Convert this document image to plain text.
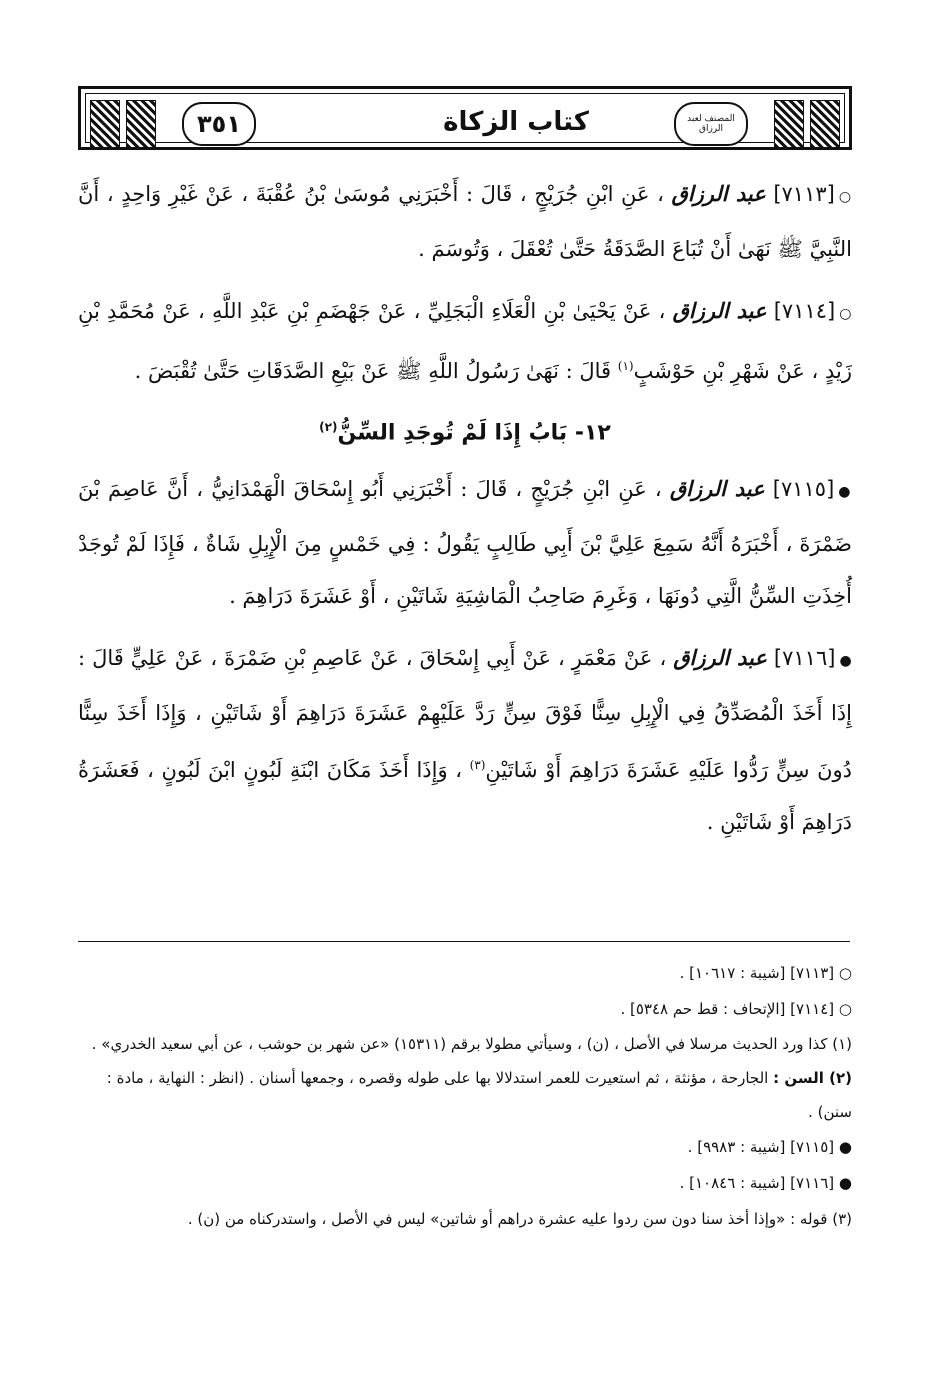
٣٥١	كتاب الزكاة	المصنف لعبد الرزاق

○[٧١١٣] عبد الرزاق ، عَنِ ابْنِ جُرَيْجٍ ، قَالَ : أَخْبَرَنِي مُوسَىٰ بْنُ عُقْبَةَ ، عَنْ غَيْرِ وَاحِدٍ ، أَنَّ النَّبِيَّ ﷺ نَهَىٰ أَنْ تُبَاعَ الصَّدَقَةُ حَتَّىٰ تُعْقَلَ ، وَتُوسَمَ .

○[٧١١٤] عبد الرزاق ، عَنْ يَحْيَىٰ بْنِ الْعَلَاءِ الْبَجَلِيِّ ، عَنْ جَهْضَمِ بْنِ عَبْدِ اللَّهِ ، عَنْ مُحَمَّدِ بْنِ زَيْدٍ ، عَنْ شَهْرِ بْنِ حَوْشَبٍ$^{(١)}$ قَالَ : نَهَىٰ رَسُولُ اللَّهِ ﷺ عَنْ بَيْعِ الصَّدَقَاتِ حَتَّىٰ تُقْبَضَ .

١٢- بَابُ إِذَا لَمْ تُوجَدِ السِّنُّ$^{(٢)}$

●[٧١١٥] عبد الرزاق ، عَنِ ابْنِ جُرَيْجٍ ، قَالَ : أَخْبَرَنِي أَبُو إِسْحَاقَ الْهَمْدَانِيُّ ، أَنَّ عَاصِمَ بْنَ ضَمْرَةَ ، أَخْبَرَهُ أَنَّهُ سَمِعَ عَلِيَّ بْنَ أَبِي طَالِبٍ يَقُولُ : فِي خَمْسٍ مِنَ الْإِبِلِ شَاةٌ ، فَإِذَا لَمْ تُوجَدْ أُخِذَتِ السِّنُّ الَّتِي دُونَهَا ، وَغَرِمَ صَاحِبُ الْمَاشِيَةِ شَاتَيْنِ ، أَوْ عَشَرَةَ دَرَاهِمَ .

●[٧١١٦] عبد الرزاق ، عَنْ مَعْمَرٍ ، عَنْ أَبِي إِسْحَاقَ ، عَنْ عَاصِمِ بْنِ ضَمْرَةَ ، عَنْ عَلِيٍّ قَالَ : إِذَا أَخَذَ الْمُصَدِّقُ فِي الْإِبِلِ سِنًّا فَوْقَ سِنٍّ رَدَّ عَلَيْهِمْ عَشَرَةَ دَرَاهِمَ أَوْ شَاتَيْنِ ، وَإِذَا أَخَذَ سِنًّا دُونَ سِنٍّ رَدُّوا عَلَيْهِ عَشَرَةَ دَرَاهِمَ أَوْ شَاتَيْنِ$^{(٣)}$ ، وَإِذَا أَخَذَ مَكَانَ ابْنَةِ لَبُونٍ ابْنَ لَبُونٍ ، فَعَشَرَةُ دَرَاهِمَ أَوْ شَاتَيْنِ .

○ [٧١١٣] [شيبة : ١٠٦١٧] .

○ [٧١١٤] [الإتحاف : قط حم ٥٣٤٨] .

(١) كذا ورد الحديث مرسلا في الأصل ، (ن) ، وسيأتي مطولا برقم (١٥٣١١) «عن شهر بن حوشب ، عن أبي سعيد الخدري» .

(٢) السن : الجارحة ، مؤنثة ، ثم استعيرت للعمر استدلالا بها على طوله وقصره ، وجمعها أسنان . (انظر : النهاية ، مادة : سنن) .

● [٧١١٥] [شيبة : ٩٩٨٣] .

● [٧١١٦] [شيبة : ١٠٨٤٦] .

(٣) قوله : «وإذا أخذ سنا دون سن ردوا عليه عشرة دراهم أو شاتين» ليس في الأصل ، واستدركناه من (ن) .
